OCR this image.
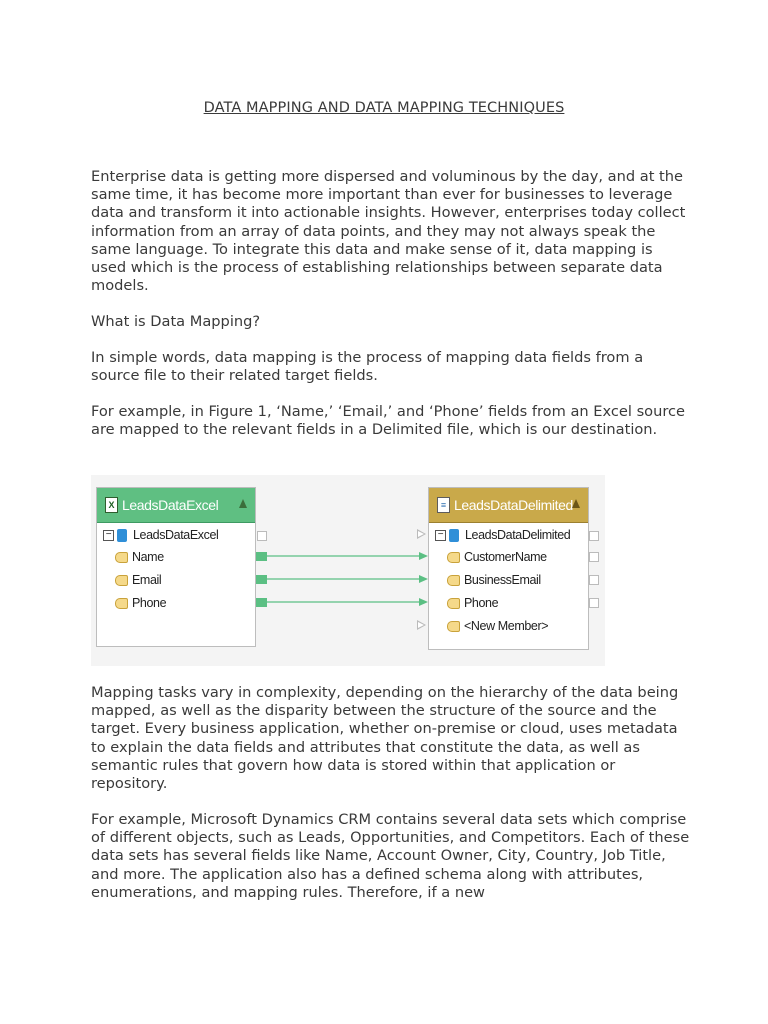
DATA MAPPING AND DATA MAPPING TECHNIQUES

Enterprise data is getting more dispersed and voluminous by the day, and at the same time, it has become more important than ever for businesses to leverage data and transform it into actionable insights. However, enterprises today collect information from an array of data points, and they may not always speak the same language. To integrate this data and make sense of it, data mapping is used which is the process of establishing relationships between separate data models.

What is Data Mapping?

In simple words, data mapping is the process of mapping data fields from a source file to their related target fields.

For example, in Figure 1, ‘Name,’ ‘Email,’ and ‘Phone’ fields from an Excel source are mapped to the relevant fields in a Delimited file, which is our destination.

X LeadsDataExcel
− LeadsDataExcel
Name
Email
Phone
≡ LeadsDataDelimited
− LeadsDataDelimited
CustomerName
BusinessEmail
Phone
<New Member>

Mapping tasks vary in complexity, depending on the hierarchy of the data being mapped, as well as the disparity between the structure of the source and the target. Every business application, whether on-premise or cloud, uses metadata to explain the data fields and attributes that constitute the data, as well as semantic rules that govern how data is stored within that application or repository.

For example, Microsoft Dynamics CRM contains several data sets which comprise of different objects, such as Leads, Opportunities, and Competitors. Each of these data sets has several fields like Name, Account Owner, City, Country, Job Title, and more. The application also has a defined schema along with attributes, enumerations, and mapping rules. Therefore, if a new
